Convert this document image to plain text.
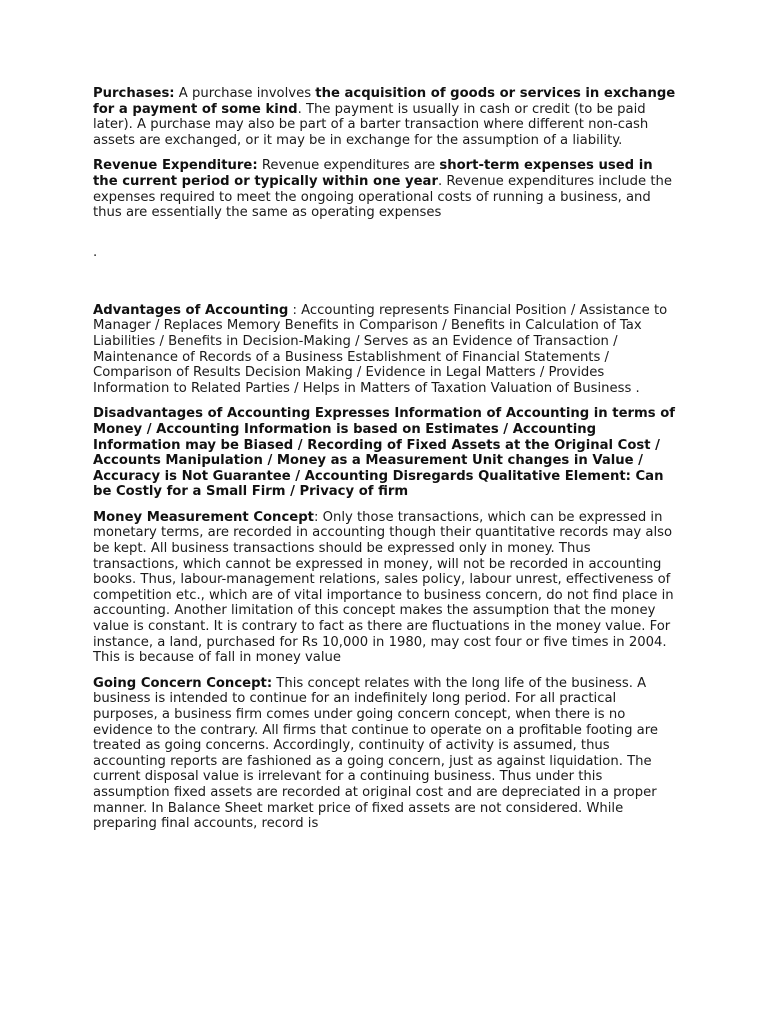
Purchases: A purchase involves the acquisition of goods or services in exchange for a payment of some kind. The payment is usually in cash or credit (to be paid later). A purchase may also be part of a barter transaction where different non-cash assets are exchanged, or it may be in exchange for the assumption of a liability.

Revenue Expenditure: Revenue expenditures are short-term expenses used in the current period or typically within one year. Revenue expenditures include the expenses required to meet the ongoing operational costs of running a business, and thus are essentially the same as operating expenses

.

Advantages of Accounting : Accounting represents Financial Position / Assistance to Manager / Replaces Memory Benefits in Comparison / Benefits in Calculation of Tax Liabilities / Benefits in Decision-Making / Serves as an Evidence of Transaction / Maintenance of Records of a Business Establishment of Financial Statements / Comparison of Results Decision Making / Evidence in Legal Matters / Provides Information to Related Parties / Helps in Matters of Taxation Valuation of Business .

Disadvantages of Accounting Expresses Information of Accounting in terms of Money / Accounting Information is based on Estimates / Accounting Information may be Biased / Recording of Fixed Assets at the Original Cost / Accounts Manipulation / Money as a Measurement Unit changes in Value / Accuracy is Not Guarantee / Accounting Disregards Qualitative Element: Can be Costly for a Small Firm / Privacy of firm

Money Measurement Concept: Only those transactions, which can be expressed in monetary terms, are recorded in accounting though their quantitative records may also be kept. All business transactions should be expressed only in money. Thus transactions, which cannot be expressed in money, will not be recorded in accounting books. Thus, labour-management relations, sales policy, labour unrest, effectiveness of competition etc., which are of vital importance to business concern, do not find place in accounting. Another limitation of this concept makes the assumption that the money value is constant. It is contrary to fact as there are fluctuations in the money value. For instance, a land, purchased for Rs 10,000 in 1980, may cost four or five times in 2004. This is because of fall in money value

Going Concern Concept: This concept relates with the long life of the business. A business is intended to continue for an indefinitely long period. For all practical purposes, a business firm comes under going concern concept, when there is no evidence to the contrary. All firms that continue to operate on a profitable footing are treated as going concerns. Accordingly, continuity of activity is assumed, thus accounting reports are fashioned as a going concern, just as against liquidation. The current disposal value is irrelevant for a continuing business. Thus under this assumption fixed assets are recorded at original cost and are depreciated in a proper manner. In Balance Sheet market price of fixed assets are not considered. While preparing final accounts, record is
